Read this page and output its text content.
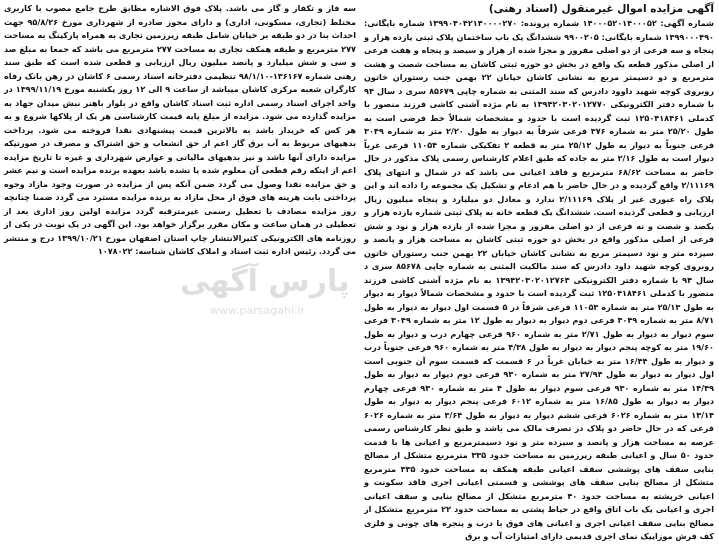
آگهی مزایده اموال غیرمنقول (اسناد رهنی)

شماره آگهی: ۱۴۰۰۰۵۲۰۱۴۰۰۰۵۲ شماره پرونده: ۱۳۹۹۰۴۰۴۲۱۴۰۰۰۰۲۷۰ شماره بایگانی: ۱۳۹۹۰۰۰۴۹۰ شماره بایگانی: ۹۹۰۰۲۰۵ ششدانگ یک باب ساختمان پلاک ثبتی یازده هزار و پنجاه و سه فرعی از دو اصلی مفروز و مجزا شده از هزار و سیصد و پنجاه و هفت فرعی از اصلی مذکور قطعه یک واقع در بخش دو حوزه ثبتی کاشان به مساحت شصت و هشت مترمربع و دو دسیمتر مربع به نشانی کاشان خیابان ۲۲ بهمن جنب رستوران خاتون روبروی کوچه شهید داوود دادرس که سند المثنی به شماره چاپی ۸۵۶۷۹ سری د سال ۹۴ با شماره دفتر الکترونیکی ۱۳۹۴۲۰۳۰۲۰۱۲۷۷۰ به نام مژده آشنی کاشی فرزند منصور با کدملی ۱۲۵۰۴۱۸۴۶۱ ثبت گردیده است با حدود و مشخصات شمالاً خط فرضی است به طول ۲۵/۲۰ متر به شماره ۳۷۶ فرعی شرقاً به دیوار به طول ۲/۲۰ متر به شماره ۳۰۴۹ فرعی جنوباً به دیوار به طول ۲۵/۱۲ متر به قطعه ۲ تفکیکی شماره ۱۱۰۵۴ فرعی غرباً دیوار است به طول ۲/۱۶ متر به جاده که طبق اعلام کارشناس رسمی پلاک مذکور در حال حاضر به مساحت ۶۸/۶۲ مترمربع و فاقد اعیانی می باشد که در شمال و انتهای پلاک ۲/۱۱۱۶۹ واقع گردیده و در حال حاضر با هم ادغام و تشکیل یک مجموعه را داده اند و این پلاک راه عبوری غیر از پلاک ۲/۱۱۱۶۹ ندارد و معادل دو میلیارد و پنجاه میلیون ریال ارزیابی و قطعی گردیده است. ششدانگ یک قطعه خانه به پلاک ثبتی شماره یازده هزار و یکصد و شصت و نه فرعی از دو اصلی مفروز و مجزا شده از یازده هزار و نود و شش فرعی از اصلی مذکور واقع در بخش دو حوزه ثبتی کاشان به مساحت هزار و پانصد و سیزده متر و نود دسیمتر مربع به نشانی کاشان خیابان ۲۲ بهمن جنب رستوران خاتون روبروی کوچه شهید داود دادرس که سند مالکیت المثنی به شماره چاپی ۸۵۶۷۸ سری د سال ۹۴ با شماره دفتر الکترونیکی ۱۳۹۴۲۰۳۰۲۰۱۲۷۶۳ به نام مژده آشنی کاشی فرزند منصور با کدملی ۱۲۵۰۴۱۸۴۶۱ ثبت گردیده است با حدود و مشخصات شمالاً دیوار به دیوار به طول ۲۵/۱۳ متر به شماره ۱۱۰۵۳ فرعی شرقاً در ۵ قسمت اول دیوار به دیوار به طول ۸/۷۱ متر به شماره ۳۰۴۹ فرعی دوم دیوار به دیوار به طول ۱۲ متر به شماره ۳۰۴۹ فرعی سوم دیوار به دیوار به طول ۲/۷۱ متر به شماره ۹۶۰ فرعی چهارم درب و دیوار به طول ۱۹/۶۰ متر به کوچه پنجم دیوار به دیوار به طول ۴/۳۸ متر به شماره ۹۶۰ فرعی جنوباً درب و دیوار به طول ۱۶/۴۴ متر به خیابان غرباً در ۶ قسمت که قسمت سوم آن جنوبی است اول دیوار به دیوار به طول ۲۷/۹۴ متر به شماره ۹۳۰ فرعی دوم دیوار به دیوار به طول ۱۴/۴۹ متر به شماره ۹۳۰ فرعی سوم دیوار به طول ۴ متر به شماره ۹۳۰ فرعی چهارم دیوار به دیوار به طول ۱۶/۸۵ متر به شماره ۶۰۱۲ فرعی پنجم دیوار به دیوار به طول ۱۳/۱۴ متر به شماره ۶۰۲۶ فرعی ششم دیوار به دیوار به طول ۳/۶۴ متر به شماره ۶۰۲۶ فرعی که در حال حاضر دو پلاک در تصرف مالک می باشد و طبق نظر کارشناس رسمی عرصه به مساحت هزار و پانصد و سیزده متر و نود دسیمترمربع و اعیانی ها با قدمت حدود ۵۰ سال و اعیانی طبقه زیرزمین به مساحت حدود ۳۳۵ مترمربع متشکل از مصالح بنایی سقف های پوششی سقف اعیانی طبقه همکف به مساحت حدود ۳۳۵ مترمربع متشکل از مصالح بنایی سقف های پوششی و قسمتی اعیانی اجری فاقد سکونت و اعیانی خرپشته به مساحت حدود ۴۰ مترمربع متشکل از مصالح بنایی و سقف اعیانی اجری و اعیانی یک باب اتاق واقع در حیاط پشتی به مساحت حدود ۲۲ مترمربع متشکل از مصالح بنایی سقف اعیانی اجری و اعیانی های فوق با درب و پنجره های چوبی و فلزی کف فرش موزاییک نمای اجری قدیمی دارای امتیازات آب و برق

سه فاز و تکفاز و گاز می باشد. پلاک فوق الاشاره مطابق طرح جامع مصوب با کاربری مختلط (تجاری، مسکونی، اداری) و دارای مجوز صادره از شهرداری مورخ ۹۵/۸/۲۶ جهت احداث بنا در دو طبقه بر خیابان شامل طبقه زیرزمین تجاری به همراه پارکینگ به مساحت ۲۷۷ مترمربع و طبقه همکف تجاری به مساحت ۲۷۷ مترمربع می باشد که جمعا به مبلغ صد و سی و شش میلیارد و پانصد میلیون ریال ارزیابی و قطعی شده است که طبق سند رهنی شماره ۱۳۶۱۶۷-۹۸/۱/۱۰ تنظیمی دفترخانه اسناد رسمی ۶ کاشان در رهن بانک رفاه کارگران شعبه مرکزی کاشان میباشد از ساعت ۹ الی ۱۲ روز یکشنبه مورخ ۱۳۹۹/۱۱/۱۹ در واحد اجرای اسناد رسمی اداره ثبت اسناد کاشان واقع در بلوار باهنر نبش میدان جهاد به مزایده گذارده می شود. مزایده از مبلغ پایه قیمت کارشناسی هر یک از پلاکها شروع و به هر کس که خریدار باشد به بالاترین قیمت پیشنهادی نقدا فروخته می شود. پرداخت بدهیهای مربوط به آب برق گاز اعم از حق انشعاب و حق اشتراک و مصرف در صورتیکه مزایده دارای آنها باشد و نیز بدهیهای مالیاتی و عوارض شهرداری و غیره تا تاریخ مزایده اعم از اینکه رقم قطعی آن معلوم شده یا نشده باشد بعهده برنده مزایده است و نیم عشر و حق مزایده نقدا وصول می گردد ضمن آنکه پس از مزایده در صورت وجود مازاد وجوه پرداختی بابت هزینه های فوق از محل مازاد به برنده مزایده مسترد می گردد ضمنا چنانچه روز مزایده مصادف با تعطیل رسمی غیرمترقبه گردد مزایده اولین روز اداری بعد از تعطیلی در همان ساعت و مکان مقرر برگزار خواهد بود. این آگهی در یک نوبت در یکی از روزنامه های الکترونیکی کثیرالانتشار چاپ استان اصفهان مورخ ۱۳۹۹/۱۰/۲۱ درج و منتشر می گردد. رئیس اداره ثبت اسناد و املاک کاشان شناسه: ۱۰۷۸۰۲۲

پارس آگهی
www.parsagahi.ir
